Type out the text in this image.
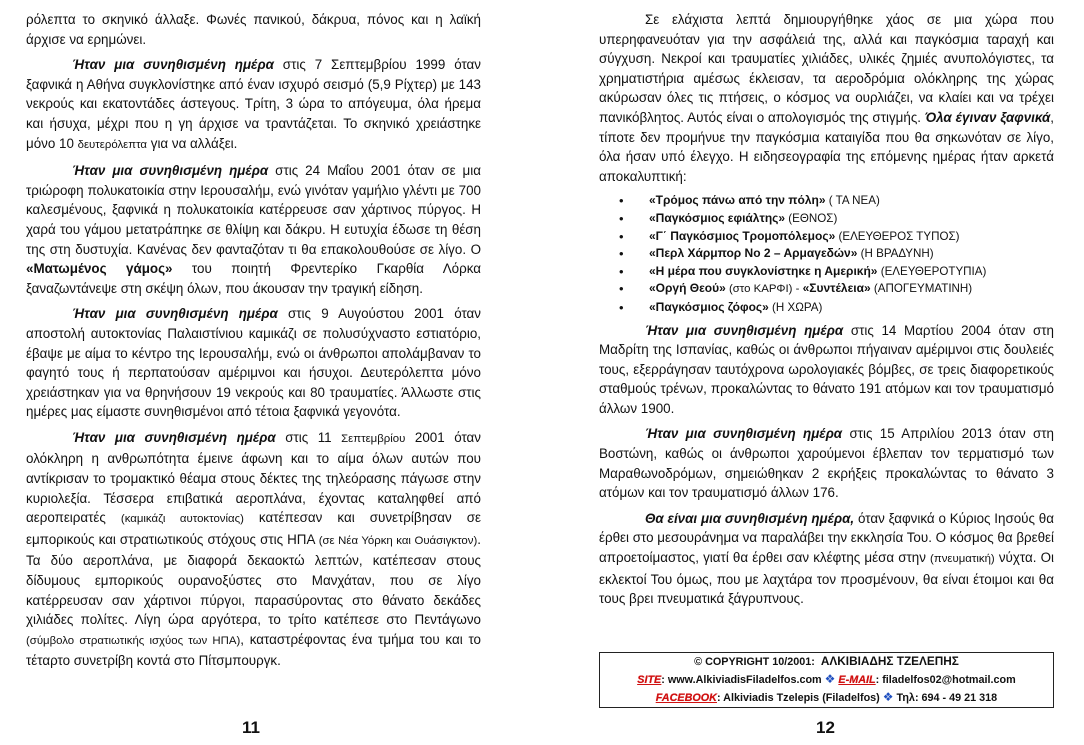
ρόλεπτα το σκηνικό άλλαξε. Φωνές πανικού, δάκρυα, πόνος και η λαϊκή άρχισε να ερημώνει.

Ήταν μια συνηθισμένη ημέρα στις 7 Σεπτεμβρίου 1999 όταν ξαφνικά η Αθήνα συγκλονίστηκε από έναν ισχυρό σεισμό (5,9 Ρίχτερ) με 143 νεκρούς και εκατοντάδες άστεγους. Τρίτη, 3 ώρα το απόγευμα, όλα ήρεμα και ήσυχα, μέχρι που η γη άρχισε να τραντάζεται. Το σκηνικό χρειάστηκε μόνο 10 δευτερόλεπτα για να αλλάξει.

Ήταν μια συνηθισμένη ημέρα στις 24 Μαΐου 2001 όταν σε μια τριώροφη πολυκατοικία στην Ιερουσαλήμ, ενώ γινόταν γαμήλιο γλέντι με 700 καλεσμένους, ξαφνικά η πολυκατοικία κατέρρευσε σαν χάρτινος πύργος. Η χαρά του γάμου μετατράπηκε σε θλίψη και δάκρυ. Η ευτυχία έδωσε τη θέση της στη δυστυχία. Κανένας δεν φανταζόταν τι θα επακολουθούσε σε λίγο. Ο «Ματωμένος γάμος» του ποιητή Φρεντερίκο Γκαρθία Λόρκα ξαναζωντάνεψε στη σκέψη όλων, που άκουσαν την τραγική είδηση.

Ήταν μια συνηθισμένη ημέρα στις 9 Αυγούστου 2001 όταν αποστολή αυτοκτονίας Παλαιστίνιου καμικάζι σε πολυσύχναστο εστιατόριο, έβαψε με αίμα το κέντρο της Ιερουσαλήμ, ενώ οι άνθρωποι απολάμβαναν το φαγητό τους ή περπατούσαν αμέριμνοι και ήσυχοι. Δευτερόλεπτα μόνο χρειάστηκαν για να θρηνήσουν 19 νεκρούς και 80 τραυματίες. Άλλωστε στις ημέρες μας είμαστε συνηθισμένοι από τέτοια ξαφνικά γεγονότα.

Ήταν μια συνηθισμένη ημέρα στις 11 Σεπτεμβρίου 2001 όταν ολόκληρη η ανθρωπότητα έμεινε άφωνη και το αίμα όλων αυτών που αντίκρισαν το τρομακτικό θέαμα στους δέκτες της τηλεόρασης πάγωσε στην κυριολεξία. Τέσσερα επιβατικά αεροπλάνα, έχοντας καταληφθεί από αεροπειρατές (καμικάζι αυτοκτονίας) κατέπεσαν και συνετρίβησαν σε εμπορικούς και στρατιωτικούς στόχους στις ΗΠΑ (σε Νέα Υόρκη και Ουάσιγκτον). Τα δύο αεροπλάνα, με διαφορά δεκαοκτώ λεπτών, κατέπεσαν στους δίδυμους εμπορικούς ουρανοξύστες στο Μανχάταν, που σε λίγο κατέρρευσαν σαν χάρτινοι πύργοι, παρασύροντας στο θάνατο δεκάδες χιλιάδες πολίτες. Λίγη ώρα αργότερα, το τρίτο κατέπεσε στο Πεντάγωνο (σύμβολο στρατιωτικής ισχύος των ΗΠΑ), καταστρέφοντας ένα τμήμα του και το τέταρτο συνετρίβη κοντά στο Πίτσμπουργκ.

11

Σε ελάχιστα λεπτά δημιουργήθηκε χάος σε μια χώρα που υπερηφανευόταν για την ασφάλειά της, αλλά και παγκόσμια ταραχή και σύγχυση. Νεκροί και τραυματίες χιλιάδες, υλικές ζημιές ανυπολόγιστες, τα χρηματιστήρια αμέσως έκλεισαν, τα αεροδρόμια ολόκληρης της χώρας ακύρωσαν όλες τις πτήσεις, ο κόσμος να ουρλιάζει, να κλαίει και να τρέχει πανικόβλητος. Αυτός είναι ο απολογισμός της στιγμής. Όλα έγιναν ξαφνικά, τίποτε δεν προμήνυε την παγκόσμια καταιγίδα που θα σηκωνόταν σε λίγο, όλα ήσαν υπό έλεγχο. Η ειδησεογραφία της επόμενης ημέρας ήταν αρκετά αποκαλυπτική:

• «Τρόμος πάνω από την πόλη» ( ΤΑ ΝΕΑ)
• «Παγκόσμιος εφιάλτης» (ΕΘΝΟΣ)
• «Γ΄ Παγκόσμιος Τρομοπόλεμος» (ΕΛΕΥΘΕΡΟΣ ΤΥΠΟΣ)
• «Περλ Χάρμπορ Νο 2 – Αρμαγεδών» (Η ΒΡΑΔΥΝΗ)
• «Η μέρα που συγκλονίστηκε η Αμερική» (ΕΛΕΥΘΕΡΟΤΥΠΙΑ)
• «Οργή Θεού» (στο ΚΑΡΦΙ) - «Συντέλεια» (ΑΠΟΓΕΥΜΑΤΙΝΗ)
• «Παγκόσμιος ζόφος» (Η ΧΩΡΑ)

Ήταν μια συνηθισμένη ημέρα στις 14 Μαρτίου 2004 όταν στη Μαδρίτη της Ισπανίας, καθώς οι άνθρωποι πήγαιναν αμέριμνοι στις δουλειές τους, εξερράγησαν ταυτόχρονα ωρολογιακές βόμβες, σε τρεις διαφορετικούς σταθμούς τρένων, προκαλώντας το θάνατο 191 ατόμων και τον τραυματισμό άλλων 1900.

Ήταν μια συνηθισμένη ημέρα στις 15 Απριλίου 2013 όταν στη Βοστώνη, καθώς οι άνθρωποι χαρούμενοι έβλεπαν τον τερματισμό των Μαραθωνοδρόμων, σημειώθηκαν 2 εκρήξεις προκαλώντας το θάνατο 3 ατόμων και τον τραυματισμό άλλων 176.

Θα είναι μια συνηθισμένη ημέρα, όταν ξαφνικά ο Κύριος Ιησούς θα έρθει στο μεσουράνημα να παραλάβει την εκκλησία Του. Ο κόσμος θα βρεθεί απροετοίμαστος, γιατί θα έρθει σαν κλέφτης μέσα στην (πνευματική) νύχτα. Οι εκλεκτοί Του όμως, που με λαχτάρα τον προσμένουν, θα είναι έτοιμοι και θα τους βρει πνευματικά ξάγρυπνους.

© COPYRIGHT 10/2001: ΑΛΚΙΒΙΑΔΗΣ ΤΖΕΛΕΠΗΣ
SITE: www.AlkiviadisFiladelfos.com ❖ E-MAIL: filadelfos02@hotmail.com
FACEBOOK: Alkiviadis Tzelepis (Filadelfos) ❖ Τηλ: 694 - 49 21 318
12
